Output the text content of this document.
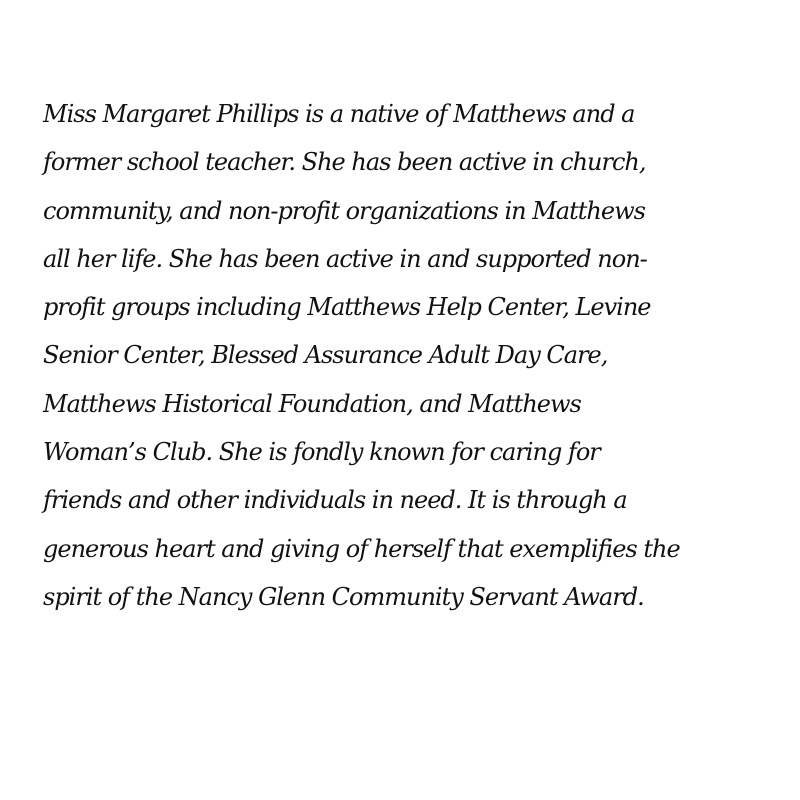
Miss Margaret Phillips is a native of Matthews and a
former school teacher. She has been active in church,
community, and non-profit organizations in Matthews
all her life. She has been active in and supported non-
profit groups including Matthews Help Center, Levine
Senior Center, Blessed Assurance Adult Day Care,
Matthews Historical Foundation, and Matthews
Woman’s Club. She is fondly known for caring for
friends and other individuals in need. It is through a
generous heart and giving of herself that exemplifies the
spirit of the Nancy Glenn Community Servant Award.
